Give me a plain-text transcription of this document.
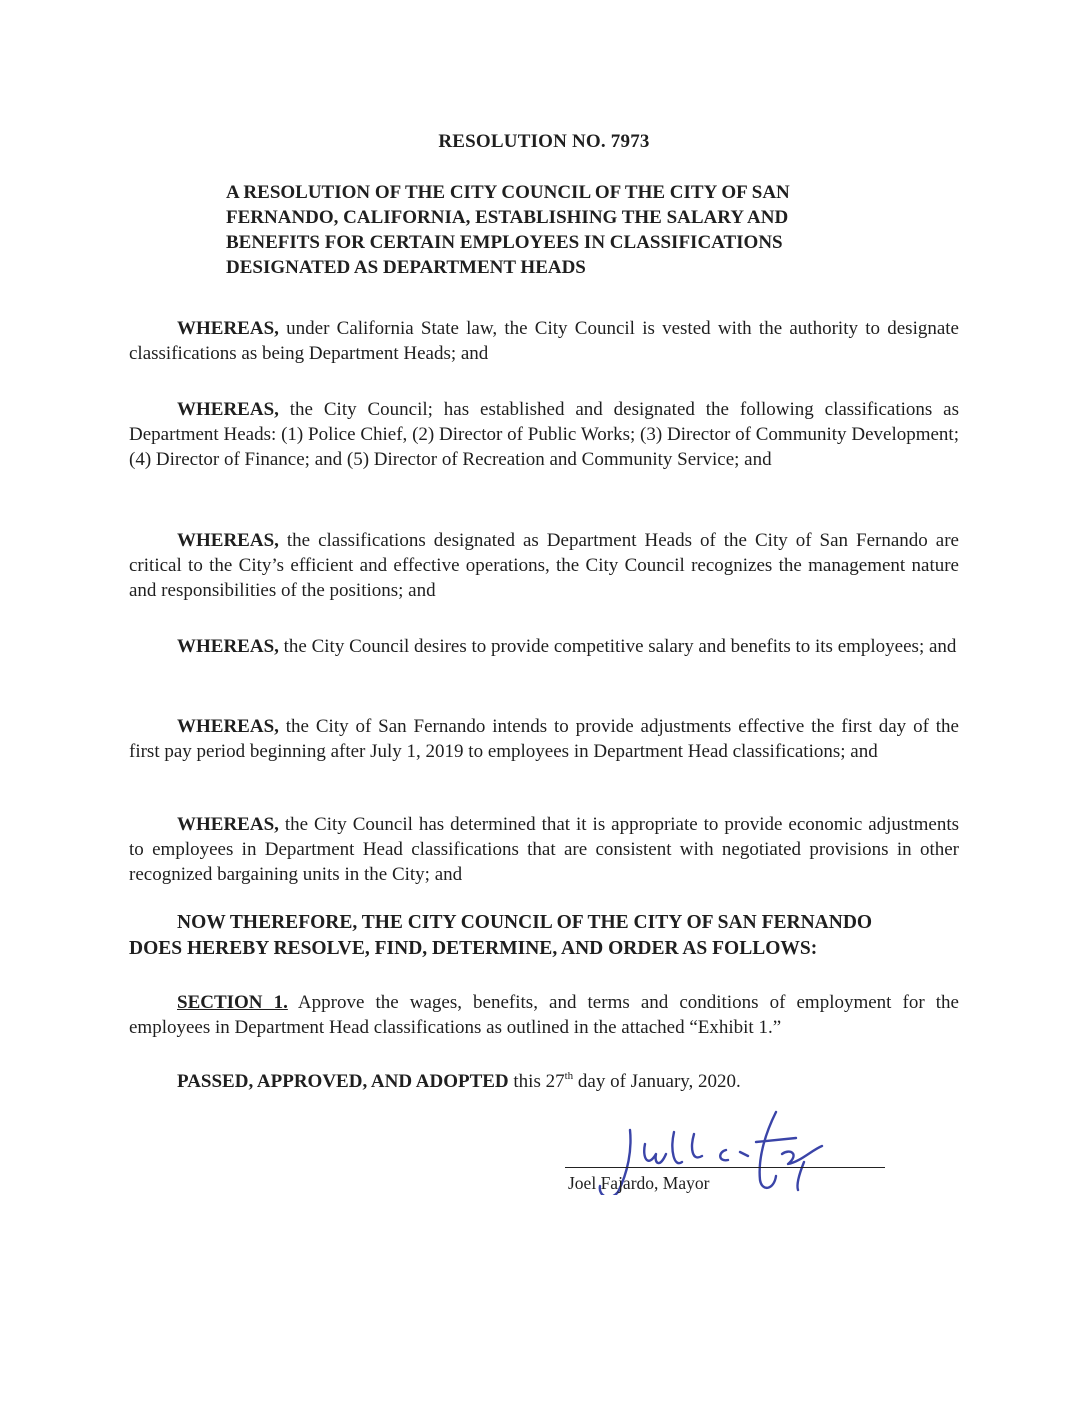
RESOLUTION NO. 7973
A RESOLUTION OF THE CITY COUNCIL OF THE CITY OF SAN FERNANDO, CALIFORNIA, ESTABLISHING THE SALARY AND BENEFITS FOR CERTAIN EMPLOYEES IN CLASSIFICATIONS DESIGNATED AS DEPARTMENT HEADS
WHEREAS, under California State law, the City Council is vested with the authority to designate classifications as being Department Heads; and
WHEREAS, the City Council; has established and designated the following classifications as Department Heads: (1) Police Chief, (2) Director of Public Works; (3) Director of Community Development; (4) Director of Finance; and (5) Director of Recreation and Community Service; and
WHEREAS, the classifications designated as Department Heads of the City of San Fernando are critical to the City’s efficient and effective operations, the City Council recognizes the management nature and responsibilities of the positions; and
WHEREAS, the City Council desires to provide competitive salary and benefits to its employees; and
WHEREAS, the City of San Fernando intends to provide adjustments effective the first day of the first pay period beginning after July 1, 2019 to employees in Department Head classifications; and
WHEREAS, the City Council has determined that it is appropriate to provide economic adjustments to employees in Department Head classifications that are consistent with negotiated provisions in other recognized bargaining units in the City; and
NOW THEREFORE, THE CITY COUNCIL OF THE CITY OF SAN FERNANDO
DOES HEREBY RESOLVE, FIND, DETERMINE, AND ORDER AS FOLLOWS:
SECTION 1. Approve the wages, benefits, and terms and conditions of employment for the employees in Department Head classifications as outlined in the attached “Exhibit 1.”
PASSED, APPROVED, AND ADOPTED this 27th day of January, 2020.
Joel Fajardo, Mayor
